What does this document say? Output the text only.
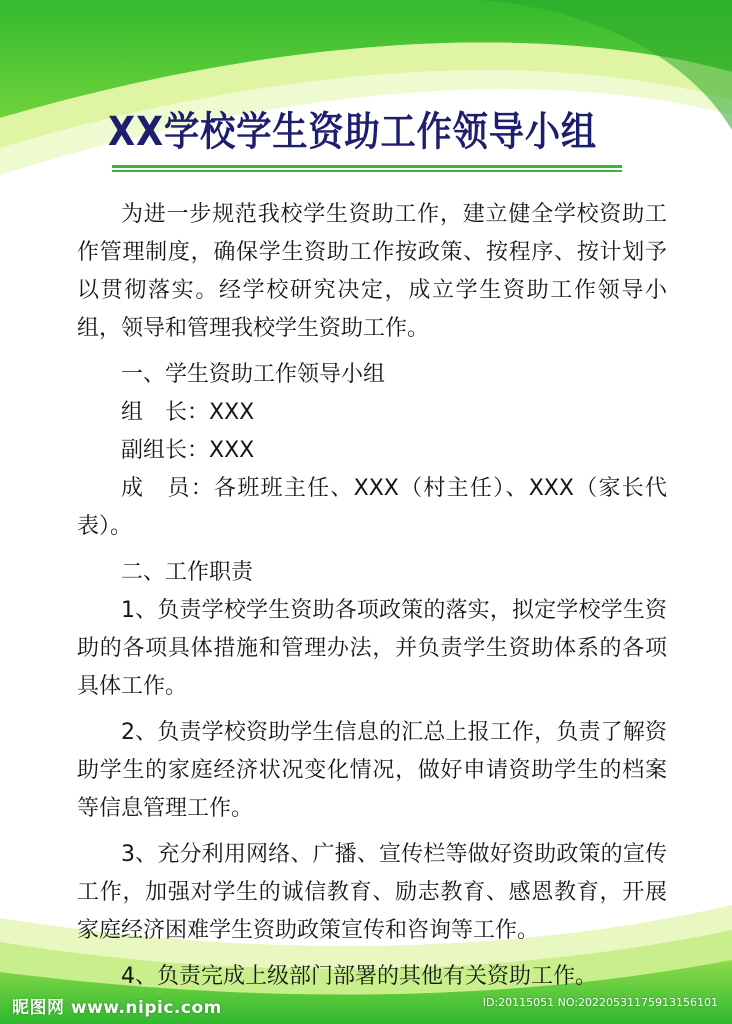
XX学校学生资助工作领导小组

为进一步规范我校学生资助工作，建立健全学校资助工作管理制度，确保学生资助工作按政策、按程序、按计划予以贯彻落实。经学校研究决定，成立学生资助工作领导小组，领导和管理我校学生资助工作。

一、学生资助工作领导小组

组　长：XXX

副组长：XXX

成　员：各班班主任、XXX（村主任）、XXX（家长代表）。

二、工作职责

1、负责学校学生资助各项政策的落实，拟定学校学生资助的各项具体措施和管理办法，并负责学生资助体系的各项具体工作。

2、负责学校资助学生信息的汇总上报工作，负责了解资助学生的家庭经济状况变化情况，做好申请资助学生的档案等信息管理工作。

3、充分利用网络、广播、宣传栏等做好资助政策的宣传工作，加强对学生的诚信教育、励志教育、感恩教育，开展家庭经济困难学生资助政策宣传和咨询等工作。

4、负责完成上级部门部署的其他有关资助工作。

昵图网 www.nipic.com	ID:20115051 NO:20220531175913156101
